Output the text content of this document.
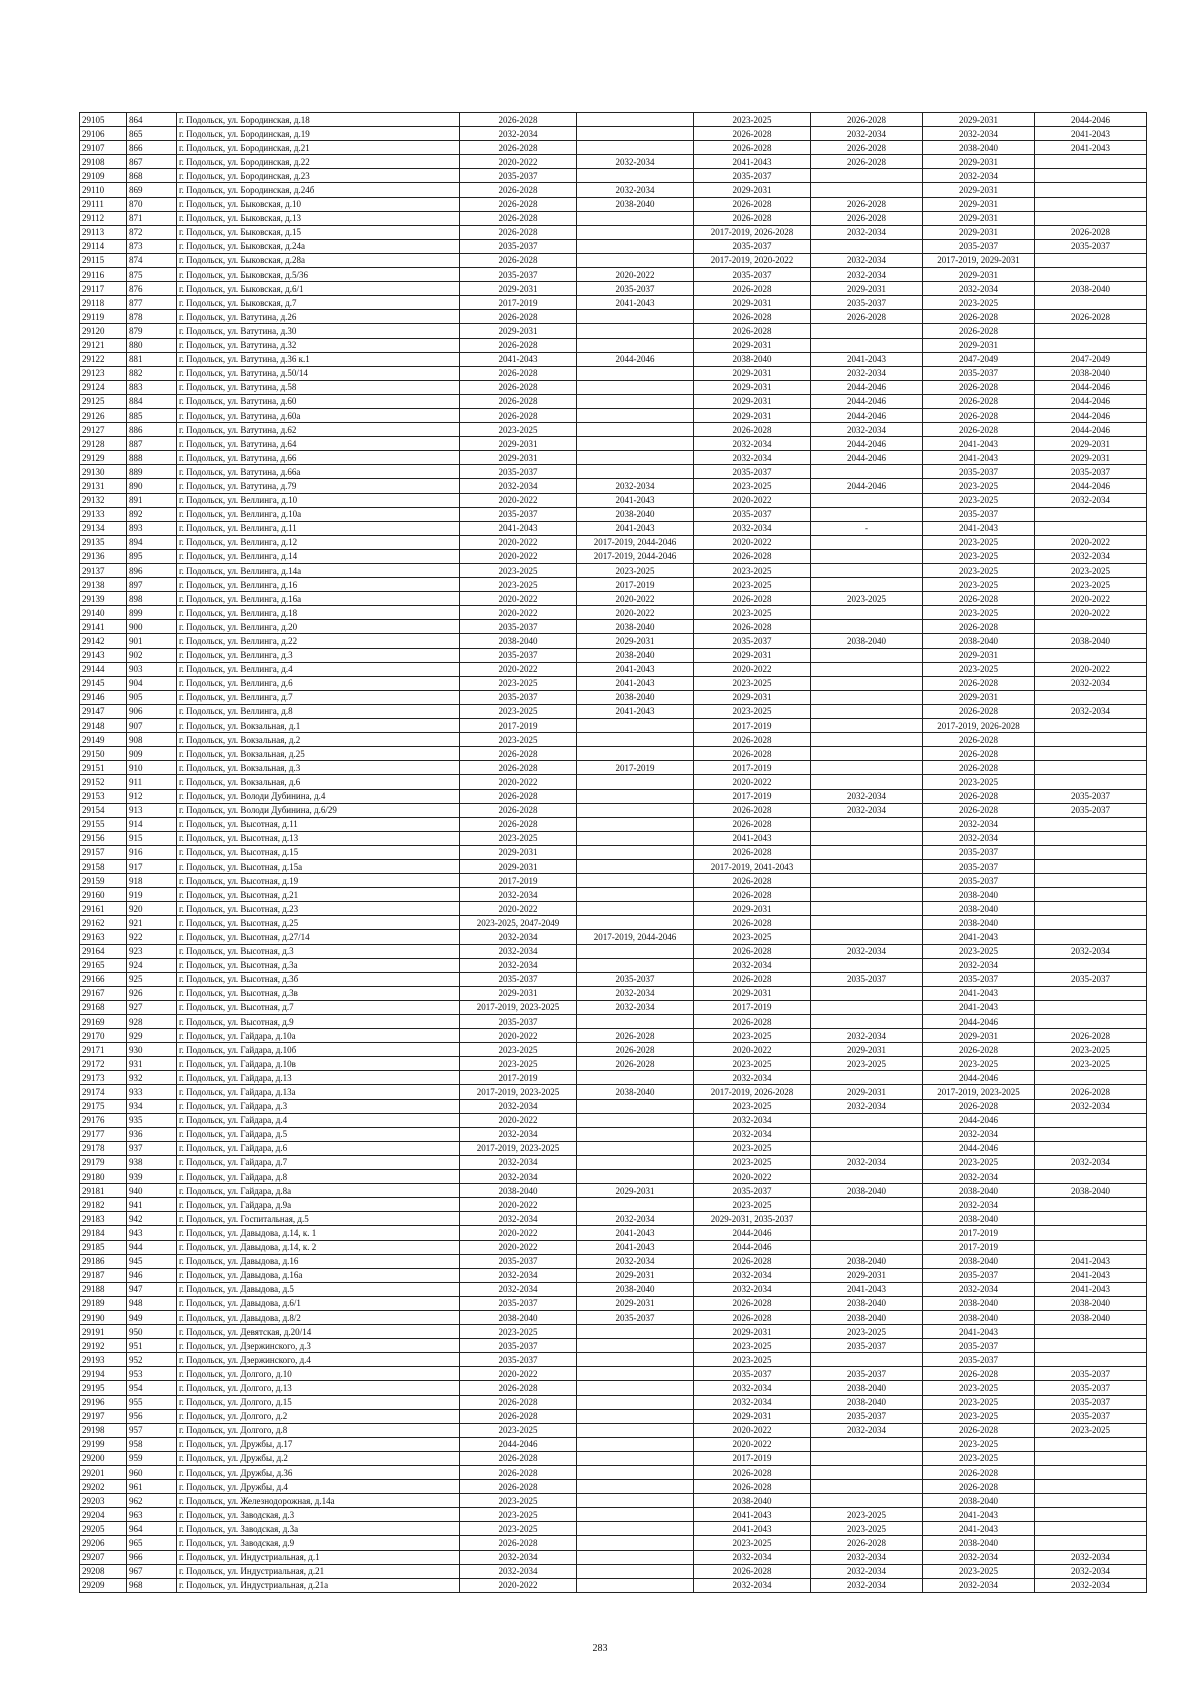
29105	864	г. Подольск, ул. Бородинская, д.18	2026-2028		2023-2025	2026-2028	2029-2031	2044-2046
29106	865	г. Подольск, ул. Бородинская, д.19	2032-2034		2026-2028	2032-2034	2032-2034	2041-2043
29107	866	г. Подольск, ул. Бородинская, д.21	2026-2028		2026-2028	2026-2028	2038-2040	2041-2043
29108	867	г. Подольск, ул. Бородинская, д.22	2020-2022	2032-2034	2041-2043	2026-2028	2029-2031	
29109	868	г. Подольск, ул. Бородинская, д.23	2035-2037		2035-2037		2032-2034	
29110	869	г. Подольск, ул. Бородинская, д.24б	2026-2028	2032-2034	2029-2031		2029-2031	
29111	870	г. Подольск, ул. Быковская, д.10	2026-2028	2038-2040	2026-2028	2026-2028	2029-2031	
29112	871	г. Подольск, ул. Быковская, д.13	2026-2028		2026-2028	2026-2028	2029-2031	
29113	872	г. Подольск, ул. Быковская, д.15	2026-2028		2017-2019, 2026-2028	2032-2034	2029-2031	2026-2028
29114	873	г. Подольск, ул. Быковская, д.24а	2035-2037		2035-2037		2035-2037	2035-2037
29115	874	г. Подольск, ул. Быковская, д.28а	2026-2028		2017-2019, 2020-2022	2032-2034	2017-2019, 2029-2031	
29116	875	г. Подольск, ул. Быковская, д.5/36	2035-2037	2020-2022	2035-2037	2032-2034	2029-2031	
29117	876	г. Подольск, ул. Быковская, д.6/1	2029-2031	2035-2037	2026-2028	2029-2031	2032-2034	2038-2040
29118	877	г. Подольск, ул. Быковская, д.7	2017-2019	2041-2043	2029-2031	2035-2037	2023-2025	
29119	878	г. Подольск, ул. Ватутина, д.26	2026-2028		2026-2028	2026-2028	2026-2028	2026-2028
29120	879	г. Подольск, ул. Ватутина, д.30	2029-2031		2026-2028		2026-2028	
29121	880	г. Подольск, ул. Ватутина, д.32	2026-2028		2029-2031		2029-2031	
29122	881	г. Подольск, ул. Ватутина, д.36 к.1	2041-2043	2044-2046	2038-2040	2041-2043	2047-2049	2047-2049
29123	882	г. Подольск, ул. Ватутина, д.50/14	2026-2028		2029-2031	2032-2034	2035-2037	2038-2040
29124	883	г. Подольск, ул. Ватутина, д.58	2026-2028		2029-2031	2044-2046	2026-2028	2044-2046
29125	884	г. Подольск, ул. Ватутина, д.60	2026-2028		2029-2031	2044-2046	2026-2028	2044-2046
29126	885	г. Подольск, ул. Ватутина, д.60а	2026-2028		2029-2031	2044-2046	2026-2028	2044-2046
29127	886	г. Подольск, ул. Ватутина, д.62	2023-2025		2026-2028	2032-2034	2026-2028	2044-2046
29128	887	г. Подольск, ул. Ватутина, д.64	2029-2031		2032-2034	2044-2046	2041-2043	2029-2031
29129	888	г. Подольск, ул. Ватутина, д.66	2029-2031		2032-2034	2044-2046	2041-2043	2029-2031
29130	889	г. Подольск, ул. Ватутина, д.66а	2035-2037		2035-2037		2035-2037	2035-2037
29131	890	г. Подольск, ул. Ватутина, д.79	2032-2034	2032-2034	2023-2025	2044-2046	2023-2025	2044-2046
29132	891	г. Подольск, ул. Веллинга, д.10	2020-2022	2041-2043	2020-2022		2023-2025	2032-2034
29133	892	г. Подольск, ул. Веллинга, д.10а	2035-2037	2038-2040	2035-2037		2035-2037	
29134	893	г. Подольск, ул. Веллинга, д.11	2041-2043	2041-2043	2032-2034	-	2041-2043	
29135	894	г. Подольск, ул. Веллинга, д.12	2020-2022	2017-2019, 2044-2046	2020-2022		2023-2025	2020-2022
29136	895	г. Подольск, ул. Веллинга, д.14	2020-2022	2017-2019, 2044-2046	2026-2028		2023-2025	2032-2034
29137	896	г. Подольск, ул. Веллинга, д.14а	2023-2025	2023-2025	2023-2025		2023-2025	2023-2025
29138	897	г. Подольск, ул. Веллинга, д.16	2023-2025	2017-2019	2023-2025		2023-2025	2023-2025
29139	898	г. Подольск, ул. Веллинга, д.16а	2020-2022	2020-2022	2026-2028	2023-2025	2026-2028	2020-2022
29140	899	г. Подольск, ул. Веллинга, д.18	2020-2022	2020-2022	2023-2025		2023-2025	2020-2022
29141	900	г. Подольск, ул. Веллинга, д.20	2035-2037	2038-2040	2026-2028		2026-2028	
29142	901	г. Подольск, ул. Веллинга, д.22	2038-2040	2029-2031	2035-2037	2038-2040	2038-2040	2038-2040
29143	902	г. Подольск, ул. Веллинга, д.3	2035-2037	2038-2040	2029-2031		2029-2031	
29144	903	г. Подольск, ул. Веллинга, д.4	2020-2022	2041-2043	2020-2022		2023-2025	2020-2022
29145	904	г. Подольск, ул. Веллинга, д.6	2023-2025	2041-2043	2023-2025		2026-2028	2032-2034
29146	905	г. Подольск, ул. Веллинга, д.7	2035-2037	2038-2040	2029-2031		2029-2031	
29147	906	г. Подольск, ул. Веллинга, д.8	2023-2025	2041-2043	2023-2025		2026-2028	2032-2034
29148	907	г. Подольск, ул. Вокзальная, д.1	2017-2019		2017-2019		2017-2019, 2026-2028	
29149	908	г. Подольск, ул. Вокзальная, д.2	2023-2025		2026-2028		2026-2028	
29150	909	г. Подольск, ул. Вокзальная, д.25	2026-2028		2026-2028		2026-2028	
29151	910	г. Подольск, ул. Вокзальная, д.3	2026-2028	2017-2019	2017-2019		2026-2028	
29152	911	г. Подольск, ул. Вокзальная, д.6	2020-2022		2020-2022		2023-2025	
29153	912	г. Подольск, ул. Володи Дубинина, д.4	2026-2028		2017-2019	2032-2034	2026-2028	2035-2037
29154	913	г. Подольск, ул. Володи Дубинина, д.6/29	2026-2028		2026-2028	2032-2034	2026-2028	2035-2037
29155	914	г. Подольск, ул. Высотная, д.11	2026-2028		2026-2028		2032-2034	
29156	915	г. Подольск, ул. Высотная, д.13	2023-2025		2041-2043		2032-2034	
29157	916	г. Подольск, ул. Высотная, д.15	2029-2031		2026-2028		2035-2037	
29158	917	г. Подольск, ул. Высотная, д.15а	2029-2031		2017-2019, 2041-2043		2035-2037	
29159	918	г. Подольск, ул. Высотная, д.19	2017-2019		2026-2028		2035-2037	
29160	919	г. Подольск, ул. Высотная, д.21	2032-2034		2026-2028		2038-2040	
29161	920	г. Подольск, ул. Высотная, д.23	2020-2022		2029-2031		2038-2040	
29162	921	г. Подольск, ул. Высотная, д.25	2023-2025, 2047-2049		2026-2028		2038-2040	
29163	922	г. Подольск, ул. Высотная, д.27/14	2032-2034	2017-2019, 2044-2046	2023-2025		2041-2043	
29164	923	г. Подольск, ул. Высотная, д.3	2032-2034		2026-2028	2032-2034	2023-2025	2032-2034
29165	924	г. Подольск, ул. Высотная, д.3а	2032-2034		2032-2034		2032-2034	
29166	925	г. Подольск, ул. Высотная, д.3б	2035-2037	2035-2037	2026-2028	2035-2037	2035-2037	2035-2037
29167	926	г. Подольск, ул. Высотная, д.3в	2029-2031	2032-2034	2029-2031		2041-2043	
29168	927	г. Подольск, ул. Высотная, д.7	2017-2019, 2023-2025	2032-2034	2017-2019		2041-2043	
29169	928	г. Подольск, ул. Высотная, д.9	2035-2037		2026-2028		2044-2046	
29170	929	г. Подольск, ул. Гайдара, д.10а	2020-2022	2026-2028	2023-2025	2032-2034	2029-2031	2026-2028
29171	930	г. Подольск, ул. Гайдара, д.10б	2023-2025	2026-2028	2020-2022	2029-2031	2026-2028	2023-2025
29172	931	г. Подольск, ул. Гайдара, д.10в	2023-2025	2026-2028	2023-2025	2023-2025	2023-2025	2023-2025
29173	932	г. Подольск, ул. Гайдара, д.13	2017-2019		2032-2034		2044-2046	
29174	933	г. Подольск, ул. Гайдара, д.13а	2017-2019, 2023-2025	2038-2040	2017-2019, 2026-2028	2029-2031	2017-2019, 2023-2025	2026-2028
29175	934	г. Подольск, ул. Гайдара, д.3	2032-2034		2023-2025	2032-2034	2026-2028	2032-2034
29176	935	г. Подольск, ул. Гайдара, д.4	2020-2022		2032-2034		2044-2046	
29177	936	г. Подольск, ул. Гайдара, д.5	2032-2034		2032-2034		2032-2034	
29178	937	г. Подольск, ул. Гайдара, д.6	2017-2019, 2023-2025		2023-2025		2044-2046	
29179	938	г. Подольск, ул. Гайдара, д.7	2032-2034		2023-2025	2032-2034	2023-2025	2032-2034
29180	939	г. Подольск, ул. Гайдара, д.8	2032-2034		2020-2022		2032-2034	
29181	940	г. Подольск, ул. Гайдара, д.8а	2038-2040	2029-2031	2035-2037	2038-2040	2038-2040	2038-2040
29182	941	г. Подольск, ул. Гайдара, д.9а	2020-2022		2023-2025		2032-2034	
29183	942	г. Подольск, ул. Госпитальная, д.5	2032-2034	2032-2034	2029-2031, 2035-2037		2038-2040	
29184	943	г. Подольск, ул. Давыдова, д.14, к. 1	2020-2022	2041-2043	2044-2046		2017-2019	
29185	944	г. Подольск, ул. Давыдова, д.14, к. 2	2020-2022	2041-2043	2044-2046		2017-2019	
29186	945	г. Подольск, ул. Давыдова, д.16	2035-2037	2032-2034	2026-2028	2038-2040	2038-2040	2041-2043
29187	946	г. Подольск, ул. Давыдова, д.16а	2032-2034	2029-2031	2032-2034	2029-2031	2035-2037	2041-2043
29188	947	г. Подольск, ул. Давыдова, д.5	2032-2034	2038-2040	2032-2034	2041-2043	2032-2034	2041-2043
29189	948	г. Подольск, ул. Давыдова, д.6/1	2035-2037	2029-2031	2026-2028	2038-2040	2038-2040	2038-2040
29190	949	г. Подольск, ул. Давыдова, д.8/2	2038-2040	2035-2037	2026-2028	2038-2040	2038-2040	2038-2040
29191	950	г. Подольск, ул. Девятская, д.20/14	2023-2025		2029-2031	2023-2025	2041-2043	
29192	951	г. Подольск, ул. Дзержинского, д.3	2035-2037		2023-2025	2035-2037	2035-2037	
29193	952	г. Подольск, ул. Дзержинского, д.4	2035-2037		2023-2025		2035-2037	
29194	953	г. Подольск, ул. Долгого, д.10	2020-2022		2035-2037	2035-2037	2026-2028	2035-2037
29195	954	г. Подольск, ул. Долгого, д.13	2026-2028		2032-2034	2038-2040	2023-2025	2035-2037
29196	955	г. Подольск, ул. Долгого, д.15	2026-2028		2032-2034	2038-2040	2023-2025	2035-2037
29197	956	г. Подольск, ул. Долгого, д.2	2026-2028		2029-2031	2035-2037	2023-2025	2035-2037
29198	957	г. Подольск, ул. Долгого, д.8	2023-2025		2020-2022	2032-2034	2026-2028	2023-2025
29199	958	г. Подольск, ул. Дружбы, д.17	2044-2046		2020-2022		2023-2025	
29200	959	г. Подольск, ул. Дружбы, д.2	2026-2028		2017-2019		2023-2025	
29201	960	г. Подольск, ул. Дружбы, д.36	2026-2028		2026-2028		2026-2028	
29202	961	г. Подольск, ул. Дружбы, д.4	2026-2028		2026-2028		2026-2028	
29203	962	г. Подольск, ул. Железнодорожная, д.14а	2023-2025		2038-2040		2038-2040	
29204	963	г. Подольск, ул. Заводская, д.3	2023-2025		2041-2043	2023-2025	2041-2043	
29205	964	г. Подольск, ул. Заводская, д.3а	2023-2025		2041-2043	2023-2025	2041-2043	
29206	965	г. Подольск, ул. Заводская, д.9	2026-2028		2023-2025	2026-2028	2038-2040	
29207	966	г. Подольск, ул. Индустриальная, д.1	2032-2034		2032-2034	2032-2034	2032-2034	2032-2034
29208	967	г. Подольск, ул. Индустриальная, д.21	2032-2034		2026-2028	2032-2034	2023-2025	2032-2034
29209	968	г. Подольск, ул. Индустриальная, д.21а	2020-2022		2032-2034	2032-2034	2032-2034	2032-2034
283
